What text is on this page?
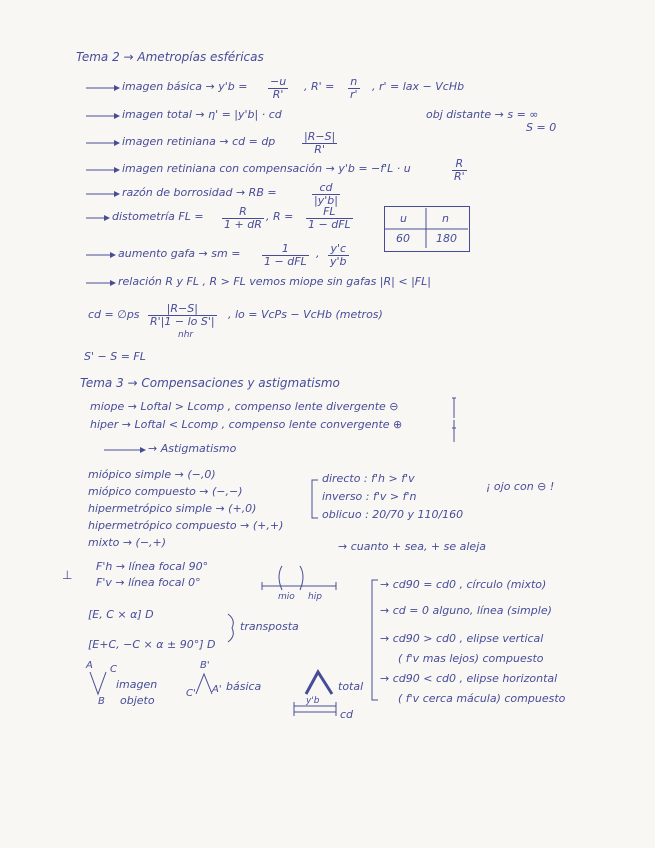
Tema 2 → Ametropías esféricas
imagen básica → $y'b = \frac{-u}{R'}$ , $R' = \frac{n}{r'}$ , r' = lax − VcHb
imagen total → η' = |y'b| · cd	obj distante → s = ∞
S = 0
imagen retiniana → cd = dp $\frac{|R-S|}{R'}$
imagen retiniana con compensación → y'b = −f'L · u	$\frac{R}{R'}$
razón de borrosidad → RB =	$\frac{cd}{|y'b|}$
distometría FL = $\frac{R}{1 + dR}$ , R =	FL
1 − dFL	u	n
60 180
aumento gafa → sm =	1
1 − dFL
, $\frac{y'c}{y'b}$
relación R y FL , R > FL vemos miope sin gafas |R| < |FL|
cd = ∅ps $\frac{|R-S|}{\text{R'|1 − lo S'|}}$
nhr
, lo = VcPs − VcHb (metros)
S' − S = FL
Tema 3 → Compensaciones y astigmatismo
miope → Loftal > Lcomp , compenso lente divergente ⊖
hiper → Loftal < Lcomp , compenso lente convergente ⊕
→ Astigmatismo
miópico simple → (−,0)
miópico compuesto → (−,−)
hipermetrópico simple → (+,0)
hipermetrópico compuesto → (+,+)
mixto → (−,+)
directo : f'h > f'v
inverso : f'v > f'n
oblicuo : 20/70 y 110/160
¡ ojo con ⊖ !
→ cuanto + sea, + se aleja
⊥
F'h → línea focal 90°
F'v → línea focal 0°
mio hip
[E, C × α] D
[E+C, −C × α ± 90°] D
transposta
→ cd90 = cd0 , círculo (mixto)
→ cd = 0 alguno, línea (simple)
→ cd90 > cd0 , elipse vertical
( f'v mas lejos) compuesto
→ cd90 < cd0 , elipse horizontal
( f'v cerca mácula) compuesto
A C
B
imagen
objeto
B'
C' A' básica	total
y'b
cd
